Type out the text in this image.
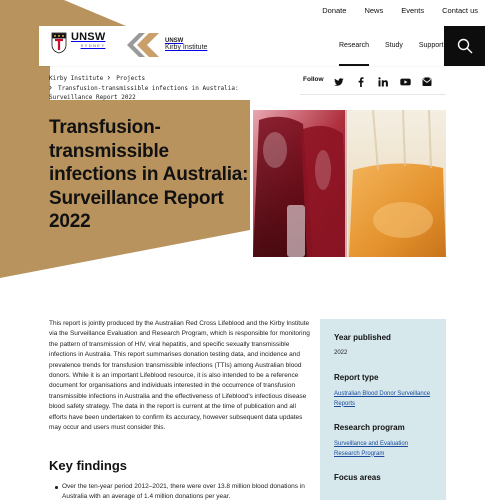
Donate News Events Contact us
UNSW
SYDNEY
UNSW
Kirby Institute	Research Study Support
Kirby Institute › Projects
› Transfusion-transmissible infections in Australia: Surveillance Report 2022
Follow
Transfusion-transmissible infections in Australia: Surveillance Report 2022

This report is jointly produced by the Australian Red Cross Lifeblood and the Kirby Institute via the Surveillance Evaluation and Research Program, which is responsible for monitoring the pattern of transmission of HIV, viral hepatitis, and specific sexually transmissible infections in Australia. This report summarises donation testing data, and incidence and prevalence trends for transfusion transmissible infections (TTIs) among Australian blood donors. While it is an important Lifeblood resource, it is also intended to be a reference document for organisations and individuals interested in the occurrence of transfusion transmissible infections in Australia and the effectiveness of Lifeblood's infectious disease blood safety strategy. The data in the report is current at the time of publication and all efforts have been undertaken to confirm its accuracy, however subsequent data updates may occur and users must consider this.

Key findings
Over the ten-year period 2012–2021, there were over 13.8 million blood donations in Australia with an average of 1.4 million donations per year.
Year published
2022
Report type
Australian Blood Donor Surveillance Reports
Research program
Surveillance and Evaluation Research Program
Focus areas
